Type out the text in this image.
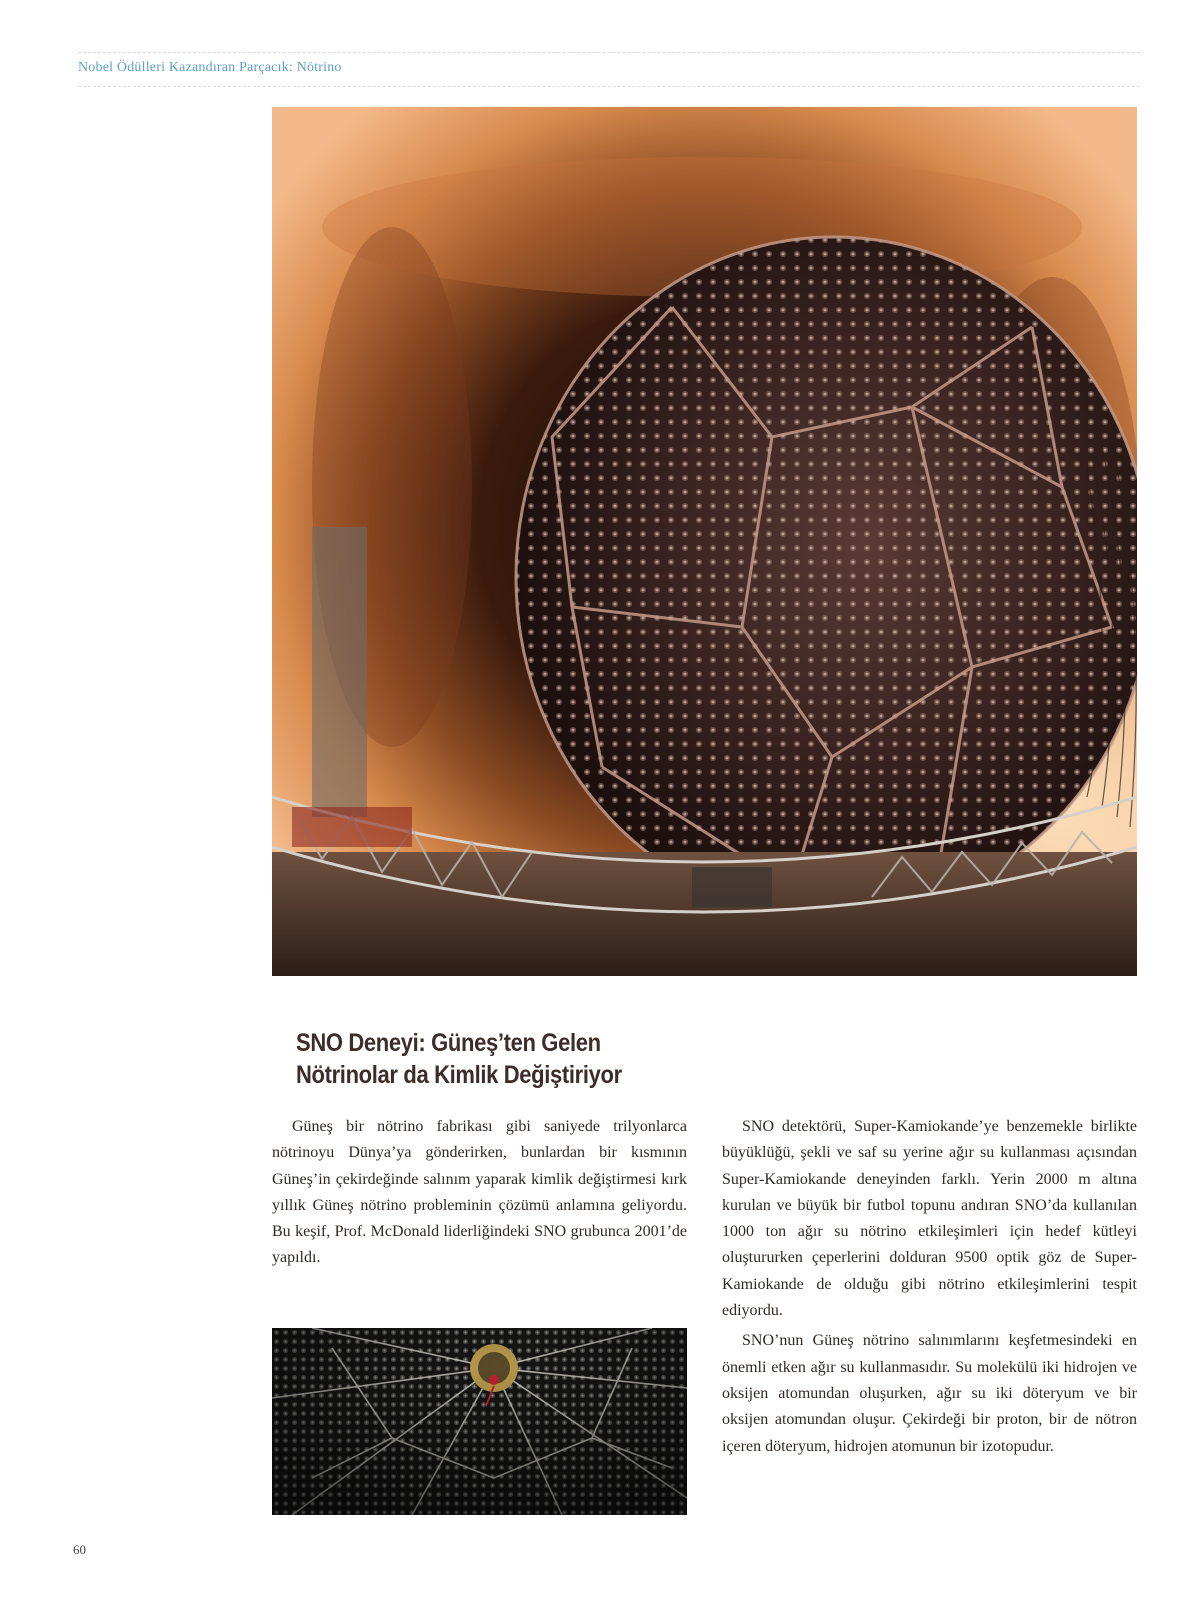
Nobel Ödülleri Kazandıran Parçacık: Nötrino
SNO Deneyi: Güneş’ten Gelen
Nötrinolar da Kimlik Değiştiriyor

Güneş bir nötrino fabrikası gibi saniyede trilyonlarca nötrinoyu Dünya’ya gönderirken, bunlardan bir kısmının Güneş’in çekirdeğinde salınım yaparak kimlik değiştirmesi kırk yıllık Güneş nötrino probleminin çözümü anlamına geliyordu. Bu keşif, Prof. McDonald liderliğindeki SNO grubunca 2001’de yapıldı.

SNO detektörü, Super-Kamiokande’ye benzemekle birlikte büyüklüğü, şekli ve saf su yerine ağır su kullanması açısından Super-Kamiokande deneyinden farklı. Yerin 2000 m altına kurulan ve büyük bir futbol topunu andıran SNO’da kullanılan 1000 ton ağır su nötrino etkileşimleri için hedef kütleyi oluştururken çeperlerini dolduran 9500 optik göz de Super-Kamiokande de olduğu gibi nötrino etkileşimlerini tespit ediyordu.

SNO’nun Güneş nötrino salınımlarını keşfetmesindeki en önemli etken ağır su kullanmasıdır. Su molekülü iki hidrojen ve oksijen atomundan oluşurken, ağır su iki döteryum ve bir oksijen atomundan oluşur. Çekirdeği bir proton, bir de nötron içeren döteryum, hidrojen atomunun bir izotopudur.

60
